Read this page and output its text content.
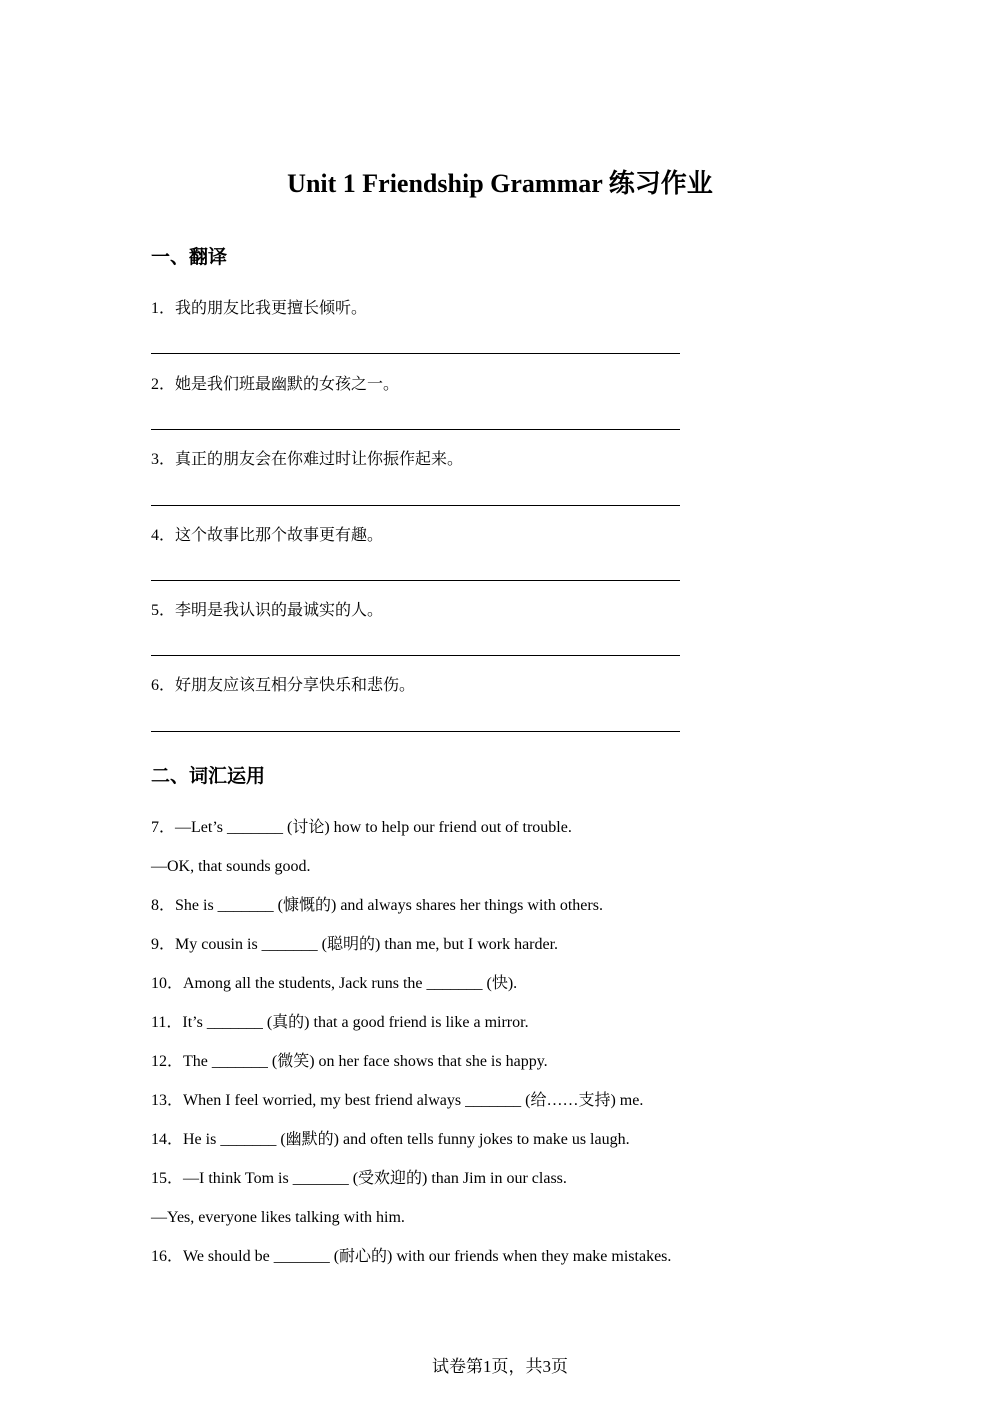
Unit 1 Friendship Grammar 练习作业
一、翻译
1．我的朋友比我更擅长倾听。
2．她是我们班最幽默的女孩之一。
3．真正的朋友会在你难过时让你振作起来。
4．这个故事比那个故事更有趣。
5．李明是我认识的最诚实的人。
6．好朋友应该互相分享快乐和悲伤。
二、词汇运用
7．—Let’s _______ (讨论) how to help our friend out of trouble.
—OK, that sounds good.
8．She is _______ (慷慨的) and always shares her things with others.
9．My cousin is _______ (聪明的) than me, but I work harder.
10．Among all the students, Jack runs the _______ (快).
11．It’s _______ (真的) that a good friend is like a mirror.
12．The _______ (微笑) on her face shows that she is happy.
13．When I feel worried, my best friend always _______ (给……支持) me.
14．He is _______ (幽默的) and often tells funny jokes to make us laugh.
15．—I think Tom is _______ (受欢迎的) than Jim in our class.
—Yes, everyone likes talking with him.
16．We should be _______ (耐心的) with our friends when they make mistakes.
试卷第1页，共3页
